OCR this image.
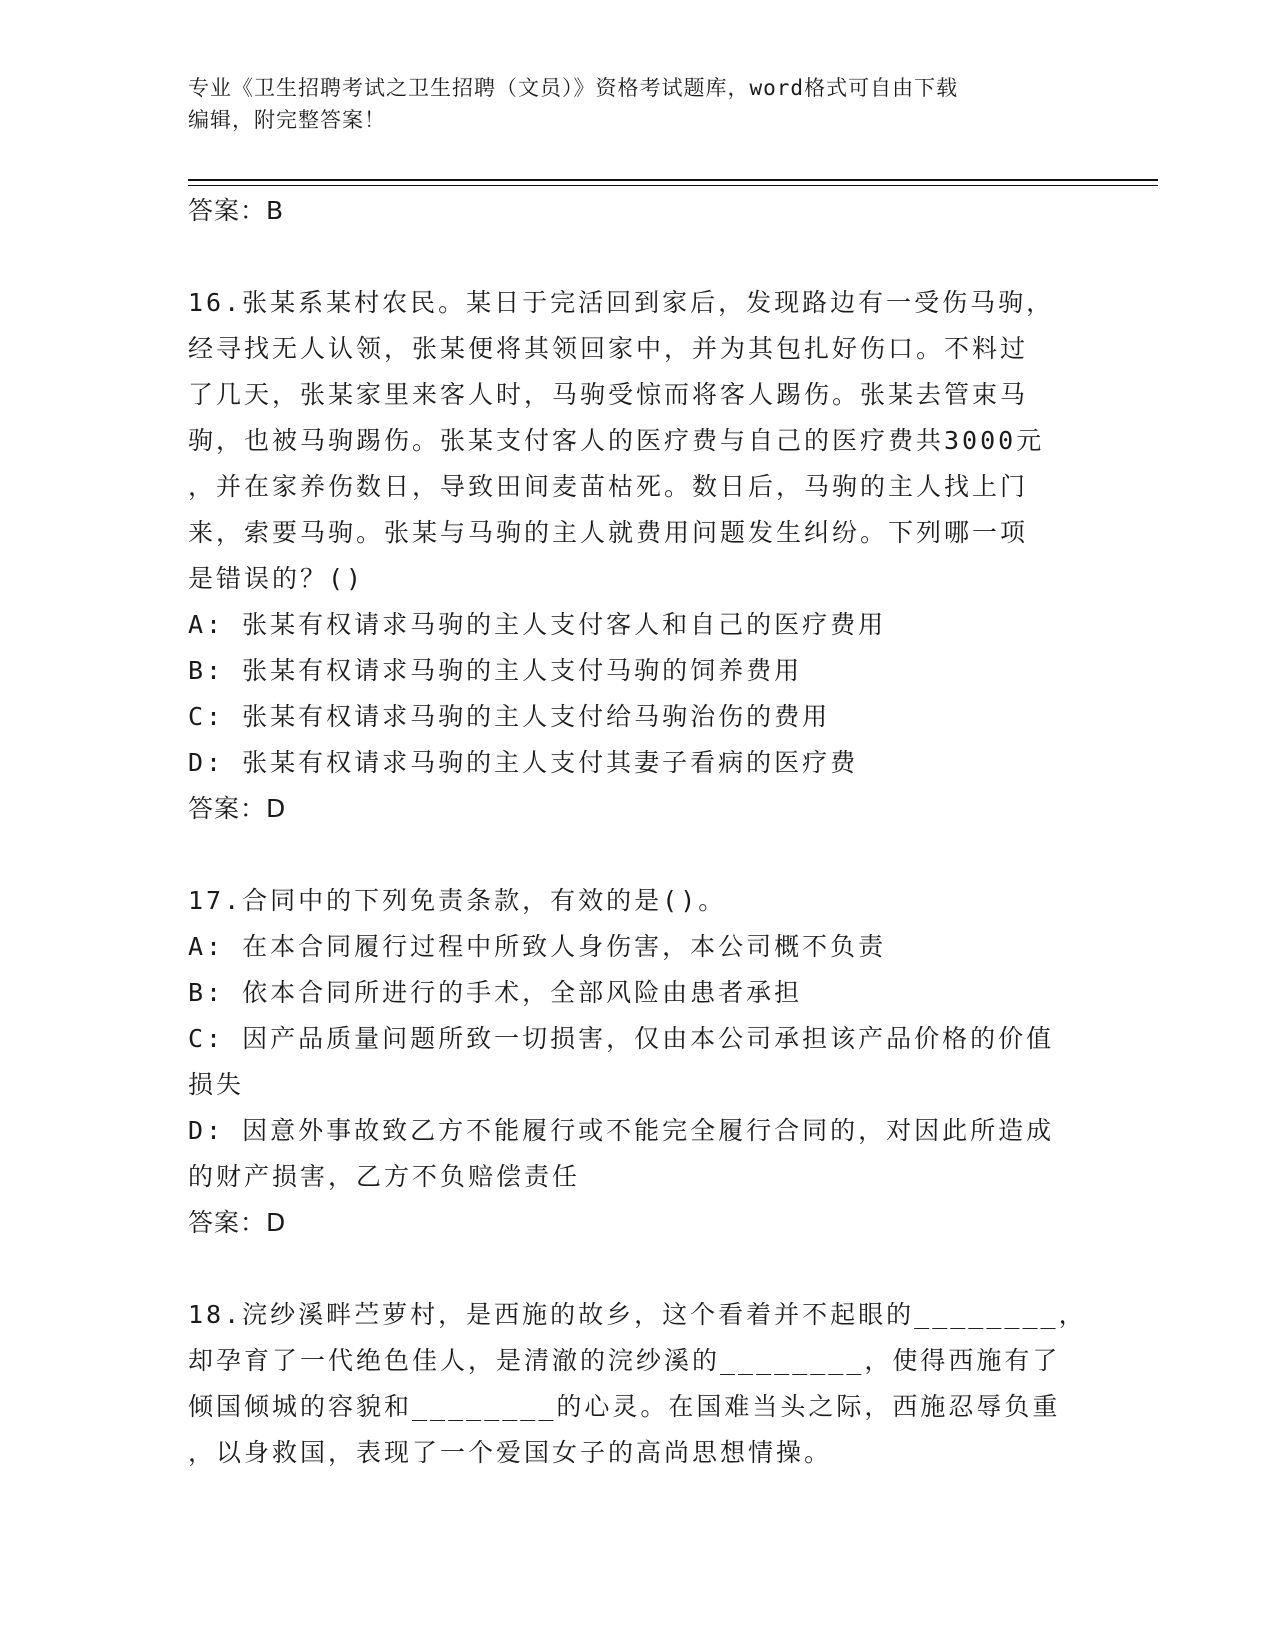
专业《卫生招聘考试之卫生招聘（文员）》资格考试题库，word格式可自由下载
编辑，附完整答案！
答案：B
16.张某系某村农民。某日于完活回到家后，发现路边有一受伤马驹，
经寻找无人认领，张某便将其领回家中，并为其包扎好伤口。不料过
了几天，张某家里来客人时，马驹受惊而将客人踢伤。张某去管束马
驹，也被马驹踢伤。张某支付客人的医疗费与自己的医疗费共3000元
，并在家养伤数日，导致田间麦苗枯死。数日后，马驹的主人找上门
来，索要马驹。张某与马驹的主人就费用问题发生纠纷。下列哪一项
是错误的？()
A: 张某有权请求马驹的主人支付客人和自己的医疗费用
B: 张某有权请求马驹的主人支付马驹的饲养费用
C: 张某有权请求马驹的主人支付给马驹治伤的费用
D: 张某有权请求马驹的主人支付其妻子看病的医疗费
答案：D
17.合同中的下列免责条款，有效的是()。
A: 在本合同履行过程中所致人身伤害，本公司概不负责
B: 依本合同所进行的手术，全部风险由患者承担
C: 因产品质量问题所致一切损害，仅由本公司承担该产品价格的价值
损失
D: 因意外事故致乙方不能履行或不能完全履行合同的，对因此所造成
的财产损害，乙方不负赔偿责任
答案：D
18.浣纱溪畔苎萝村，是西施的故乡，这个看着并不起眼的________，
却孕育了一代绝色佳人，是清澈的浣纱溪的________，使得西施有了
倾国倾城的容貌和________的心灵。在国难当头之际，西施忍辱负重
，以身救国，表现了一个爱国女子的高尚思想情操。
